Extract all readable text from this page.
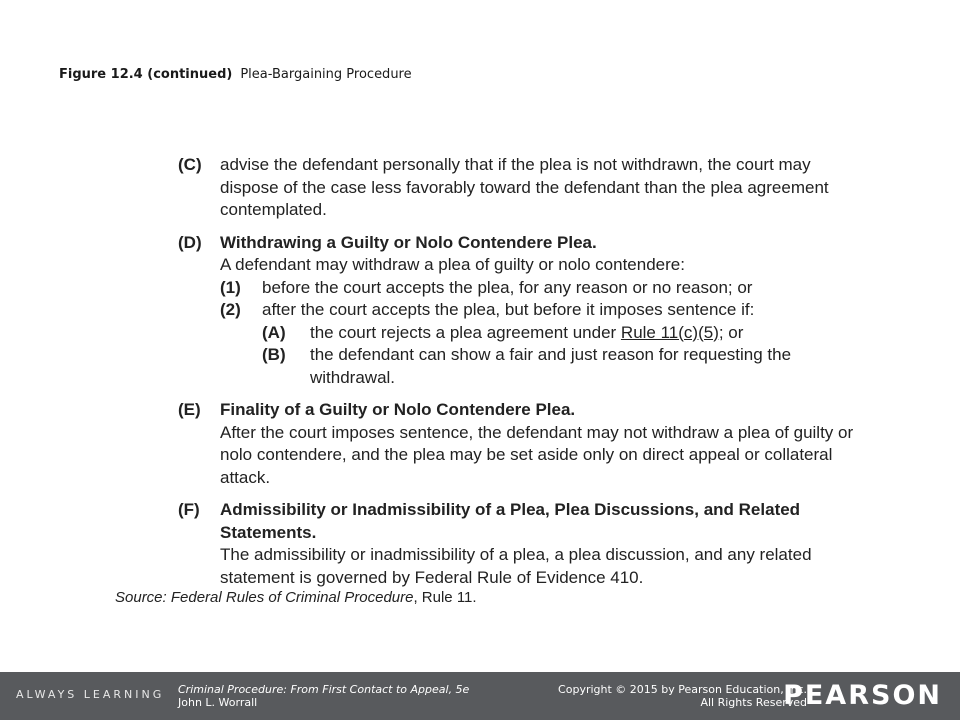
Figure 12.4 (continued) Plea-Bargaining Procedure
(C) advise the defendant personally that if the plea is not withdrawn, the court may dispose of the case less favorably toward the defendant than the plea agreement contemplated.
(D) Withdrawing a Guilty or Nolo Contendere Plea.
A defendant may withdraw a plea of guilty or nolo contendere:
(1) before the court accepts the plea, for any reason or no reason; or
(2) after the court accepts the plea, but before it imposes sentence if:
(A) the court rejects a plea agreement under Rule 11(c)(5); or
(B) the defendant can show a fair and just reason for requesting the withdrawal.
(E) Finality of a Guilty or Nolo Contendere Plea.
After the court imposes sentence, the defendant may not withdraw a plea of guilty or nolo contendere, and the plea may be set aside only on direct appeal or collateral attack.
(F) Admissibility or Inadmissibility of a Plea, Plea Discussions, and Related Statements.
The admissibility or inadmissibility of a plea, a plea discussion, and any related statement is governed by Federal Rule of Evidence 410.
Source: Federal Rules of Criminal Procedure, Rule 11.
ALWAYS LEARNING Criminal Procedure: From First Contact to Appeal, 5e
John L. Worrall
Copyright © 2015 by Pearson Education, Inc.
All Rights Reserved
PEARSON
